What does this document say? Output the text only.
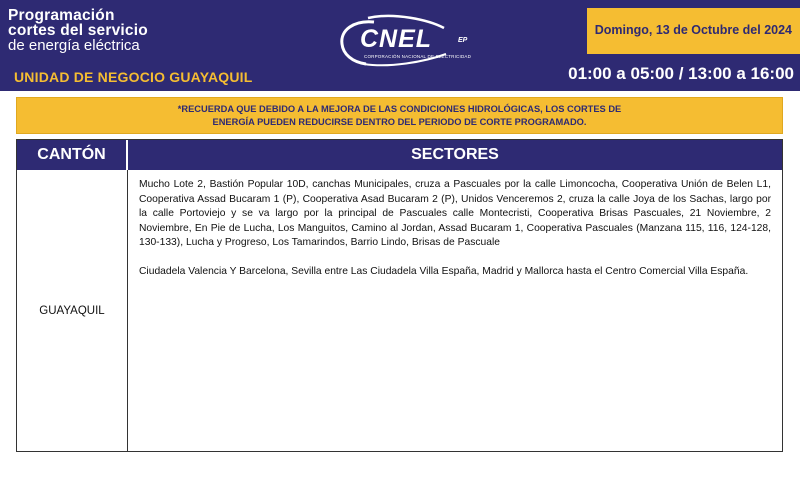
Programación
cortes del servicio
de energía eléctrica
UNIDAD DE NEGOCIO GUAYAQUIL
CNEL	EP
CORPORACIÓN NACIONAL DE ELECTRICIDAD
Domingo, 13 de Octubre del 2024
01:00 a 05:00 / 13:00 a 16:00
*RECUERDA QUE DEBIDO A LA MEJORA DE LAS CONDICIONES HIDROLÓGICAS, LOS CORTES DE ENERGÍA PUEDEN REDUCIRSE DENTRO DEL PERIODO DE CORTE PROGRAMADO.
CANTÓN	SECTORES
GUAYAQUIL

Mucho Lote 2, Bastión Popular 10D, canchas Municipales, cruza a Pascuales por la calle Limoncocha, Cooperativa Unión de Belen L1, Cooperativa Assad Bucaram 1 (P), Cooperativa Asad Bucaram 2 (P), Unidos Venceremos 2, cruza la calle Joya de los Sachas, largo por la calle Portoviejo y se va largo por la principal de Pascuales calle Montecristi, Cooperativa Brisas Pascuales, 21 Noviembre, 2 Noviembre, En Pie de Lucha, Los Manguitos, Camino al Jordan, Assad Bucaram 1, Cooperativa Pascuales (Manzana 115, 116, 124-128, 130-133), Lucha y Progreso, Los Tamarindos, Barrio Lindo, Brisas de Pascuale

Ciudadela Valencia Y Barcelona, Sevilla entre Las Ciudadela Villa España, Madrid y Mallorca hasta el Centro Comercial Villa España.
